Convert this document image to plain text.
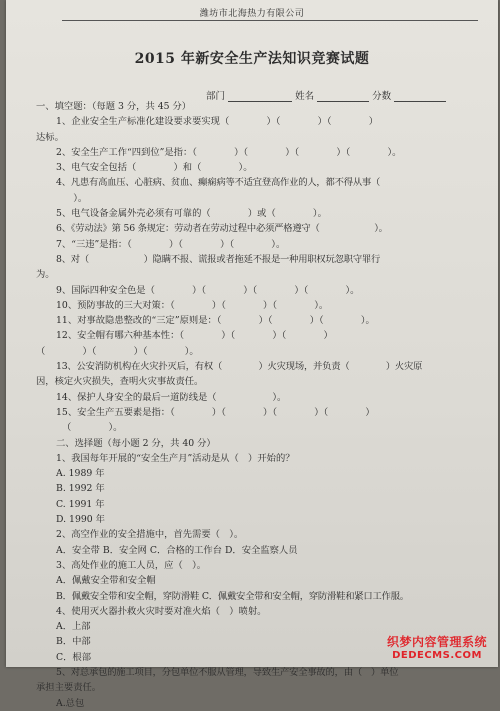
潍坊市北海热力有限公司
2015 年新安全生产法知识竞赛试题
部门	姓名	分数
一、填空题：（每题 3 分，共 45 分）
1、企业安全生产标准化建设要求要实现（　　　　）（　　　　）（　　　　）
达标。
2、安全生产工作“四到位”是指：（　　　　）（　　　　）（　　　　）（　　　　）。
3、电气安全包括（　　　　）和（　　　　）。
4、凡患有高血压、心脏病、贫血、癫痫病等不适宜登高作业的人，都不得从事（　　
　　　　）。
5、电气设备金属外壳必须有可靠的（　　　　）或（　　　　）。
6、《劳动法》第 56 条规定：劳动者在劳动过程中必须严格遵守（　　　　　　）。
7、“三违”是指：（　　　　）（　　　　）（　　　　）。
8、对（　　　　　　）隐瞒不报、谎报或者拖延不报是一种用职权玩忽职守罪行
为。
9、国际四种安全色是（　　　　）（　　　　）（　　　　）（　　　　）。
10、预防事故的三大对策：（　　　　）（　　　　）（　　　　）。
11、对事故隐患整改的“三定”原则是：（　　　　）（　　　　）（　　　　）。
12、安全帽有哪六种基本性：（　　　　）（　　　　）（　　　　）
（　　　　）（　　　　）（　　　　）。
13、公安消防机构在火灾扑灭后，有权（　　　　）火灾现场，并负责（　　　　）火灾原
因，核定火灾损失，查明火灾事故责任。
14、保护人身安全的最后一道防线是（　　　　　　）。
15、安全生产五要素是指：（　　　　）（　　　　）（　　　　）（　　　　）
（　　　　）。
二、选择题（每小题 2 分，共 40 分）
1、我国每年开展的“安全生产月”活动是从（　）开始的？
A. 1989 年
B. 1992 年
C. 1991 年
D. 1990 年
2、高空作业的安全措施中，首先需要（　）。
A．安全带 B．安全网 C．合格的工作台 D．安全监察人员
3、高处作业的施工人员，应（　）。
A．佩戴安全带和安全帽
B．佩戴安全带和安全帽，穿防滑鞋 C．佩戴安全带和安全帽，穿防滑鞋和紧口工作服。
4、使用灭火器扑救火灾时要对准火焰（　）喷射。
A．上部
B．中部
C．根部
5、对总承包的施工项目，分包单位不服从管理，导致生产安全事故的，由（　）单位
承担主要责任。
A.总包
织梦内容管理系统
DEDECMS.COM
